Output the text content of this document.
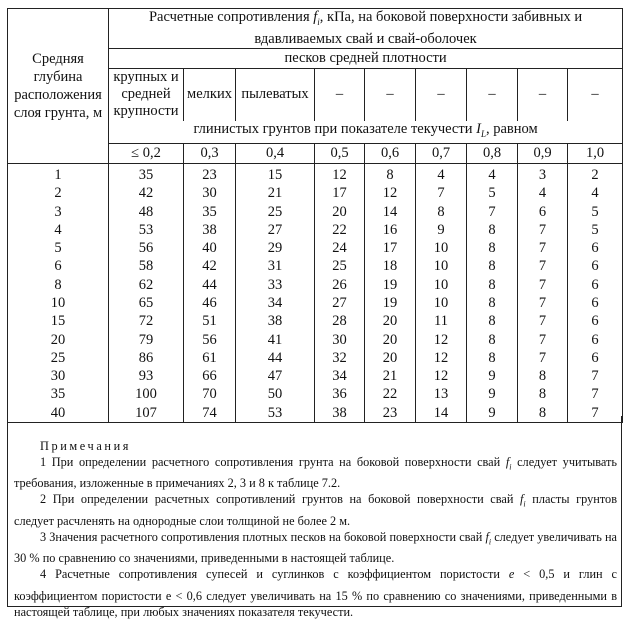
Средняя глубина расположения слоя грунта, м	Расчетные сопротивления $f_i$, кПа, на боковой поверхности забивных и вдавливаемых свай и свай-оболочек								
	песков средней плотности								
	крупных и средней крупности	мелких	пылеватых	–	–	–	–	–	–
	глинистых грунтов при показателе текучести $I_L$, равном								
	≤ 0,2	0,3	0,4	0,5	0,6	0,7	0,8	0,9	1,0
1	35	23	15	12	8	4	4	3	2
2	42	30	21	17	12	7	5	4	4
3	48	35	25	20	14	8	7	6	5
4	53	38	27	22	16	9	8	7	5
5	56	40	29	24	17	10	8	7	6
6	58	42	31	25	18	10	8	7	6
8	62	44	33	26	19	10	8	7	6
10	65	46	34	27	19	10	8	7	6
15	72	51	38	28	20	11	8	7	6
20	79	56	41	30	20	12	8	7	6
25	86	61	44	32	20	12	8	7	6
30	93	66	47	34	21	12	9	8	7
35	100	70	50	36	22	13	9	8	7
40	107	74	53	38	23	14	9	8	7

Примечания

1 При определении расчетного сопротивления грунта на боковой поверхности свай $f_i$ следует учитывать требования, изложенные в примечаниях 2, 3 и 8 к таблице 7.2.

2 При определении расчетных сопротивлений грунтов на боковой поверхности свай $f_i$ пласты грунтов следует расчленять на однородные слои толщиной не более 2 м.

3 Значения расчетного сопротивления плотных песков на боковой поверхности свай $f_i$ следует увеличивать на 30 % по сравнению со значениями, приведенными в настоящей таблице.

4 Расчетные сопротивления супесей и суглинков с коэффициентом пористости e < 0,5 и глин с коэффициентом пористости e < 0,6 следует увеличивать на 15 % по сравнению со значениями, приведенными в настоящей таблице, при любых значениях показателя текучести.
